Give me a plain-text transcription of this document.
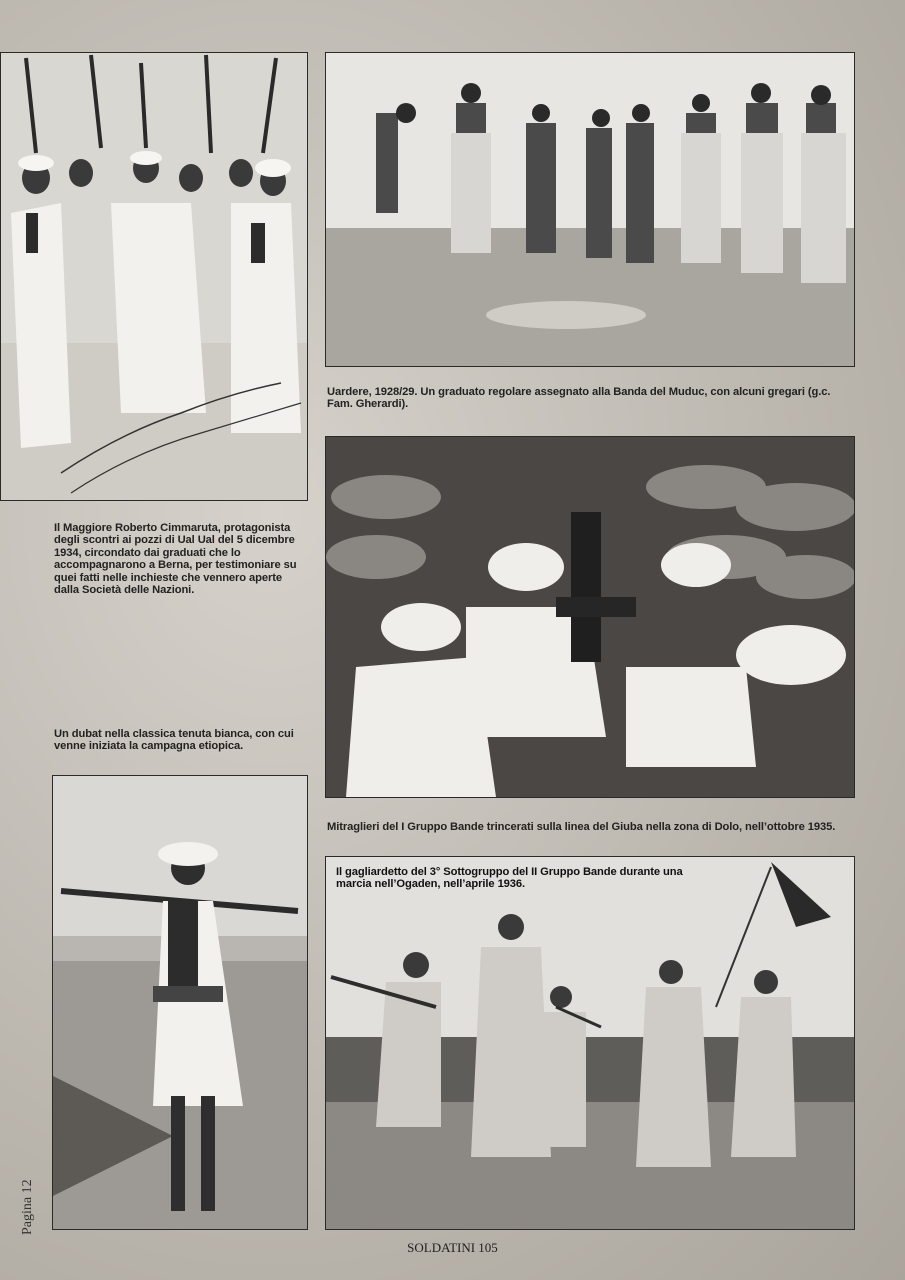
Uardere, 1928/29. Un graduato regolare assegnato alla Banda del Muduc, con alcuni gregari (g.c. Fam. Gherardi).
Il Maggiore Roberto Cimmaruta, protagonista degli scontri ai pozzi di Ual Ual del 5 dicembre 1934, circondato dai graduati che lo accompagnarono a Berna, per testimoniare su quei fatti nelle inchieste che vennero aperte dalla Società delle Nazioni.
Un dubat nella classica tenuta bianca, con cui venne iniziata la campagna etiopica.
Mitraglieri del I Gruppo Bande trincerati sulla linea del Giuba nella zona di Dolo, nell’ottobre 1935.
Il gagliardetto del 3° Sottogruppo del II Gruppo Bande durante una marcia nell’Ogaden, nell’aprile 1936.
Pagina 12
SOLDATINI 105
